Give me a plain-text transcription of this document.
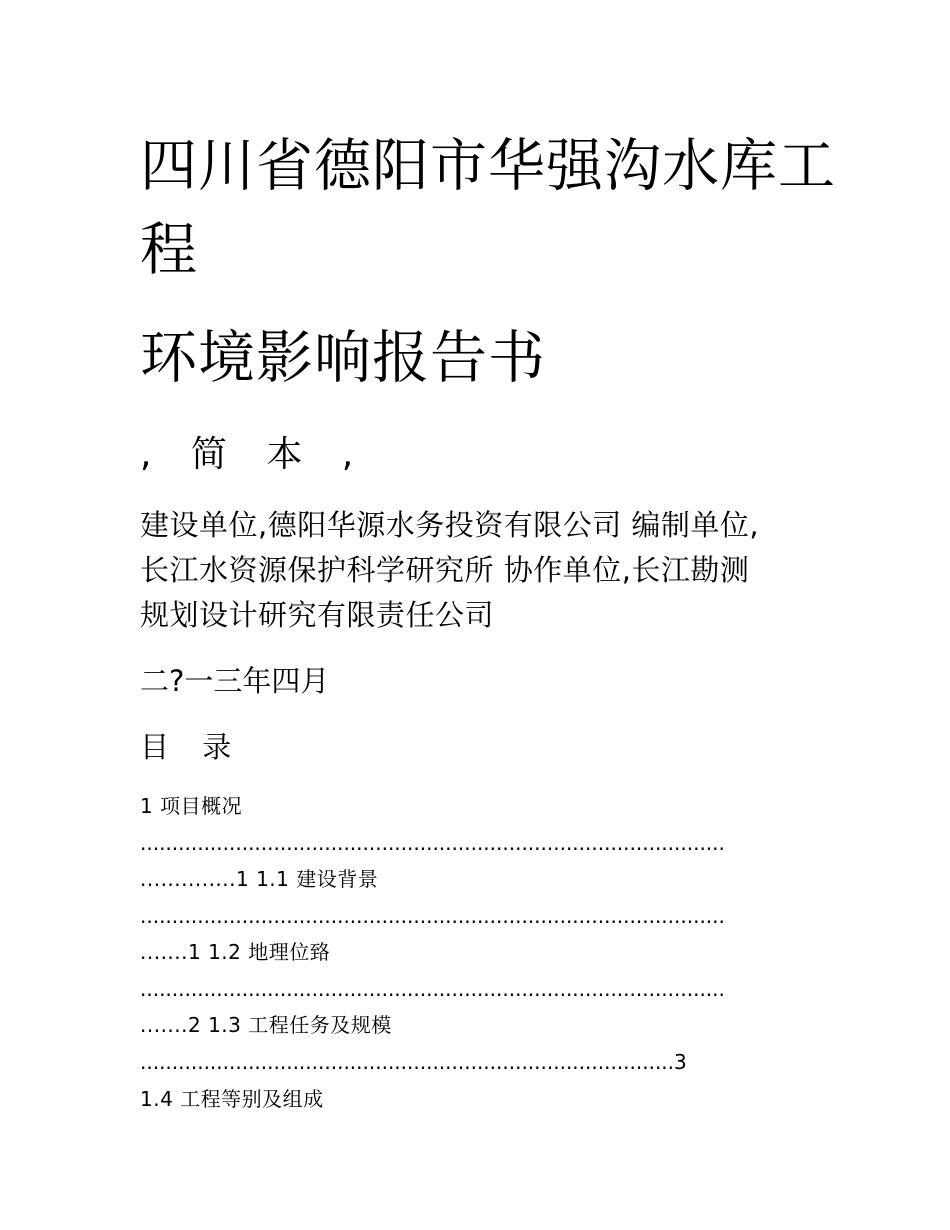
四川省德阳市华强沟水库工
程
环境影响报告书
, 简 本 ,
建设单位,德阳华源水务投资有限公司 编制单位,
长江水资源保护科学研究所 协作单位,长江勘测
规划设计研究有限责任公司
二?一三年四月
目 录
1 项目概况
............................................................................................
..............1 1.1 建设背景
............................................................................................
.......1 1.2 地理位臵
............................................................................................
.......2 1.3 工程任务及规模
....................................................................................3
1.4 工程等别及组成
